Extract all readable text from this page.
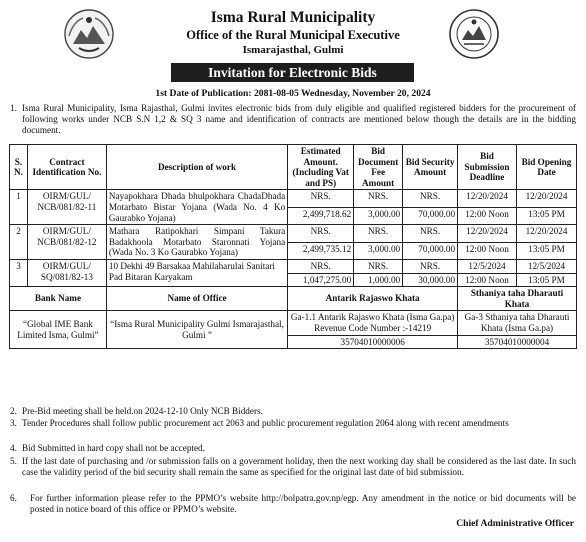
Isma Rural Municipality
Office of the Rural Municipal Executive
Ismarajasthal, Gulmi
Invitation for Electronic Bids
1st Date of Publication: 2081-08-05 Wednesday, November 20, 2024
1. Isma Rural Municipality, Isma Rajasthal, Gulmi invites electronic bids from duly eligible and qualified registered bidders for the procurement of following works under NCB S.N 1,2 & SQ 3 name and identification of contracts are mentioned below though the details are in the bidding document.
S. N.	Contract Identification No.	Description of work	Estimated Amount. (Including Vat and PS)	Bid Document Fee Amount	Bid Security Amount	Bid Submission Deadline	Bid Opening Date
1	OIRM/GUL/ NCB/081/82-11	Nayapokhara Dhada bhulpokhara ChadaDhada Motarbato Bistar Yojana (Wada No. 4 Ko Gaurabko Yojana)	NRS.	NRS.	NRS.	12/20/2024	12/20/2024
			2,499,718.62	3,000.00	70,000.00	12:00 Noon	13:05 PM
2	OIRM/GUL/ NCB/081/82-12	Mathara Ratipokhari Simpani Takura Badakhoola Motarbato Staronnati Yojana (Wada No. 3 Ko Gaurabko Yojana)	NRS.	NRS.	NRS.	12/20/2024	12/20/2024
			2,499,735.12	3,000.00	70,000.00	12:00 Noon	13:05 PM
3	OIRM/GUL/ SQ/081/82-13	10 Dekhi 49 Barsakaa Mahilaharulai Sanitari Pad Bitaran Karyakam	NRS.	NRS.	NRS.	12/5/2024	12/5/2024
			1,047,275.00	1,000.00	30,000.00	12:00 Noon	13:05 PM
Bank Name		Name of Office	Antarik Rajaswo Khata			Sthaniya taha Dharauti Khata	
“Global IME Bank Limited Isma, Gulmi”		“Isma Rural Municipality Gulmi Ismarajasthal, Gulmi ”	Ga-1.1 Antarik Rajaswo Khata (Isma Ga.pa) Revenue Code Number :-14219			Ga-3 Sthaniya taha Dharauti Khata (Isma Ga.pa)	
			35704010000006			35704010000004	
2. Pre-Bid meeting shall be held.on 2024-12-10 Only NCB Bidders.
3. Tender Procedures shall follow public procurement act 2063 and public procurement regulation 2064 along with recent amendments
4. Bid Submitted in hard copy shall not be accepted.
5. If the last date of purchasing and /or submission falls on a government holiday, then the next working day shall be considered as the last date. In such case the validity period of the bid security shall remain the same as specified for the original last date of bid submission.
6. For further information please refer to the PPMO’s website http://bolpatra.gov.np/egp. Any amendment in the notice or bid documents will be posted in notice board of this office or PPMO’s website.
Chief Administrative Officer
